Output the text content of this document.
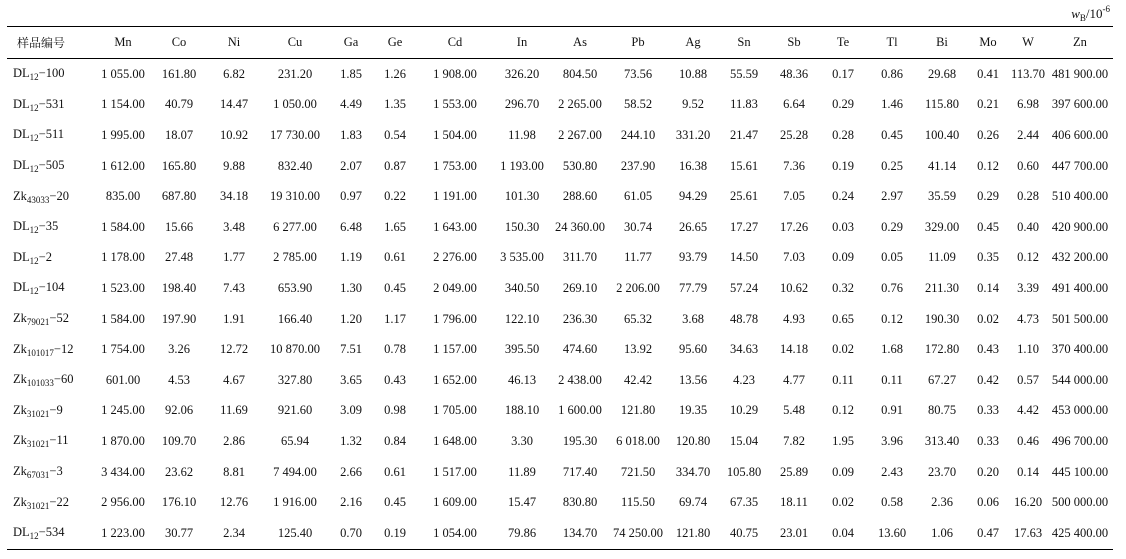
$w_B/10^{-6}$
样品编号	Mn	Co	Ni	Cu	Ga	Ge	Cd	In	As	Pb	Ag	Sn	Sb	Te	Tl	Bi	Mo	W	Zn
$DL_{12}-100$	1 055.00	161.80	6.82	231.20	1.85	1.26	1 908.00	326.20	804.50	73.56	10.88	55.59	48.36	0.17	0.86	29.68	0.41	113.70	481 900.00
$DL_{12}-531$	1 154.00	40.79	14.47	1 050.00	4.49	1.35	1 553.00	296.70	2 265.00	58.52	9.52	11.83	6.64	0.29	1.46	115.80	0.21	6.98	397 600.00
$DL_{12}-511$	1 995.00	18.07	10.92	17 730.00	1.83	0.54	1 504.00	11.98	2 267.00	244.10	331.20	21.47	25.28	0.28	0.45	100.40	0.26	2.44	406 600.00
$DL_{12}-505$	1 612.00	165.80	9.88	832.40	2.07	0.87	1 753.00	1 193.00	530.80	237.90	16.38	15.61	7.36	0.19	0.25	41.14	0.12	0.60	447 700.00
$Zk_{43033}-20$	835.00	687.80	34.18	19 310.00	0.97	0.22	1 191.00	101.30	288.60	61.05	94.29	25.61	7.05	0.24	2.97	35.59	0.29	0.28	510 400.00
$DL_{12}-35$	1 584.00	15.66	3.48	6 277.00	6.48	1.65	1 643.00	150.30	24 360.00	30.74	26.65	17.27	17.26	0.03	0.29	329.00	0.45	0.40	420 900.00
$DL_{12}-2$	1 178.00	27.48	1.77	2 785.00	1.19	0.61	2 276.00	3 535.00	311.70	11.77	93.79	14.50	7.03	0.09	0.05	11.09	0.35	0.12	432 200.00
$DL_{12}-104$	1 523.00	198.40	7.43	653.90	1.30	0.45	2 049.00	340.50	269.10	2 206.00	77.79	57.24	10.62	0.32	0.76	211.30	0.14	3.39	491 400.00
$Zk_{79021}-52$	1 584.00	197.90	1.91	166.40	1.20	1.17	1 796.00	122.10	236.30	65.32	3.68	48.78	4.93	0.65	0.12	190.30	0.02	4.73	501 500.00
$Zk_{101017}-12$	1 754.00	3.26	12.72	10 870.00	7.51	0.78	1 157.00	395.50	474.60	13.92	95.60	34.63	14.18	0.02	1.68	172.80	0.43	1.10	370 400.00
$Zk_{101033}-60$	601.00	4.53	4.67	327.80	3.65	0.43	1 652.00	46.13	2 438.00	42.42	13.56	4.23	4.77	0.11	0.11	67.27	0.42	0.57	544 000.00
$Zk_{31021}-9$	1 245.00	92.06	11.69	921.60	3.09	0.98	1 705.00	188.10	1 600.00	121.80	19.35	10.29	5.48	0.12	0.91	80.75	0.33	4.42	453 000.00
$Zk_{31021}-11$	1 870.00	109.70	2.86	65.94	1.32	0.84	1 648.00	3.30	195.30	6 018.00	120.80	15.04	7.82	1.95	3.96	313.40	0.33	0.46	496 700.00
$Zk_{67031}-3$	3 434.00	23.62	8.81	7 494.00	2.66	0.61	1 517.00	11.89	717.40	721.50	334.70	105.80	25.89	0.09	2.43	23.70	0.20	0.14	445 100.00
$Zk_{31021}-22$	2 956.00	176.10	12.76	1 916.00	2.16	0.45	1 609.00	15.47	830.80	115.50	69.74	67.35	18.11	0.02	0.58	2.36	0.06	16.20	500 000.00
$DL_{12}-534$	1 223.00	30.77	2.34	125.40	0.70	0.19	1 054.00	79.86	134.70	74 250.00	121.80	40.75	23.01	0.04	13.60	1.06	0.47	17.63	425 400.00
